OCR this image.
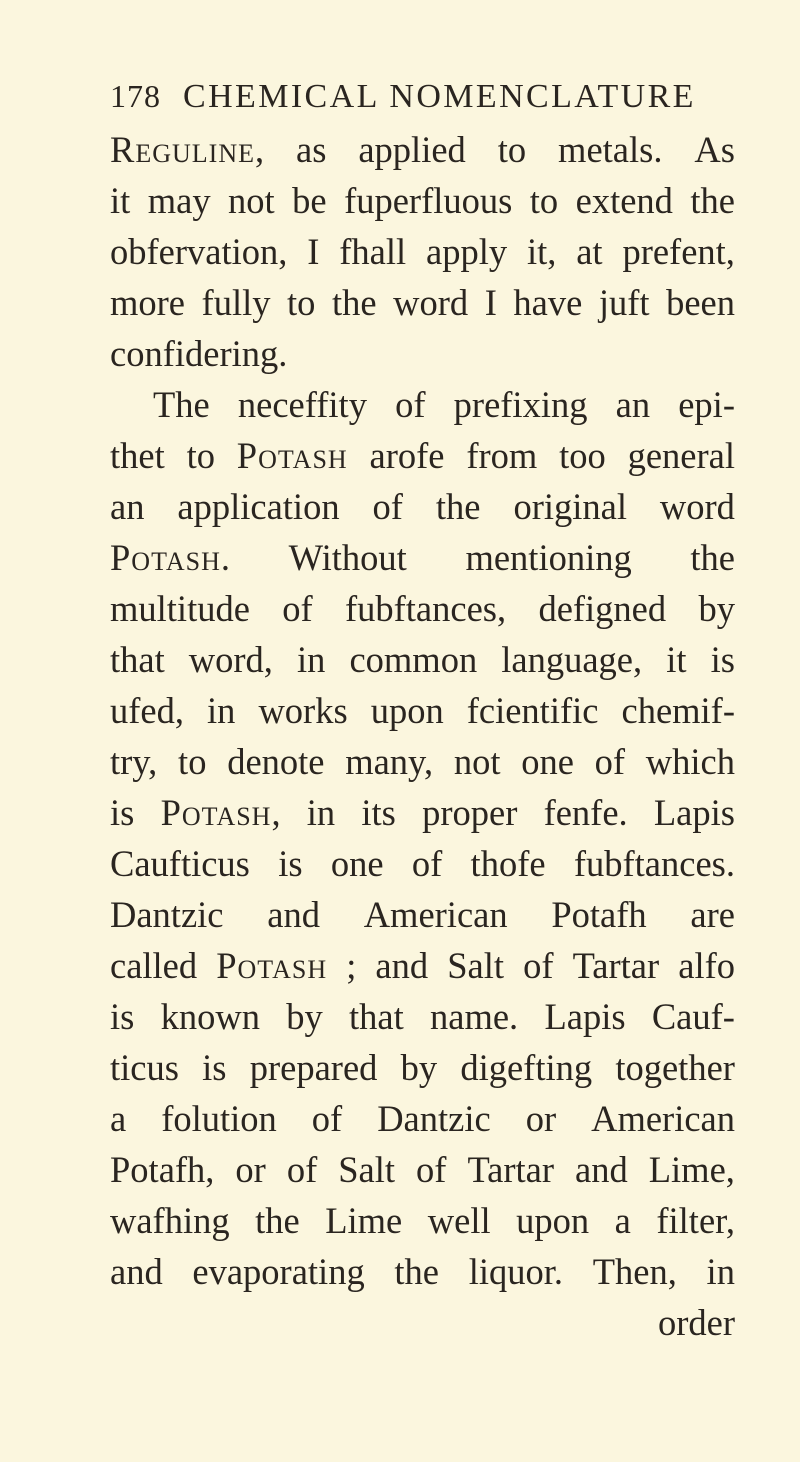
178 CHEMICAL NOMENCLATURE
Reguline, as applied to metals. As
it may not be fuperfluous to extend the
obfervation, I fhall apply it, at prefent,
more fully to the word I have juft been
confidering.
The neceffity of prefixing an epi-
thet to Potash arofe from too general
an application of the original word
Potash. Without mentioning the
multitude of fubftances, defigned by
that word, in common language, it is
ufed, in works upon fcientific chemif-
try, to denote many, not one of which
is Potash, in its proper fenfe. Lapis
Caufticus is one of thofe fubftances.
Dantzic and American Potafh are
called Potash ; and Salt of Tartar alfo
is known by that name. Lapis Cauf-
ticus is prepared by digefting together
a folution of Dantzic or American
Potafh, or of Salt of Tartar and Lime,
wafhing the Lime well upon a filter,
and evaporating the liquor. Then, in
order
